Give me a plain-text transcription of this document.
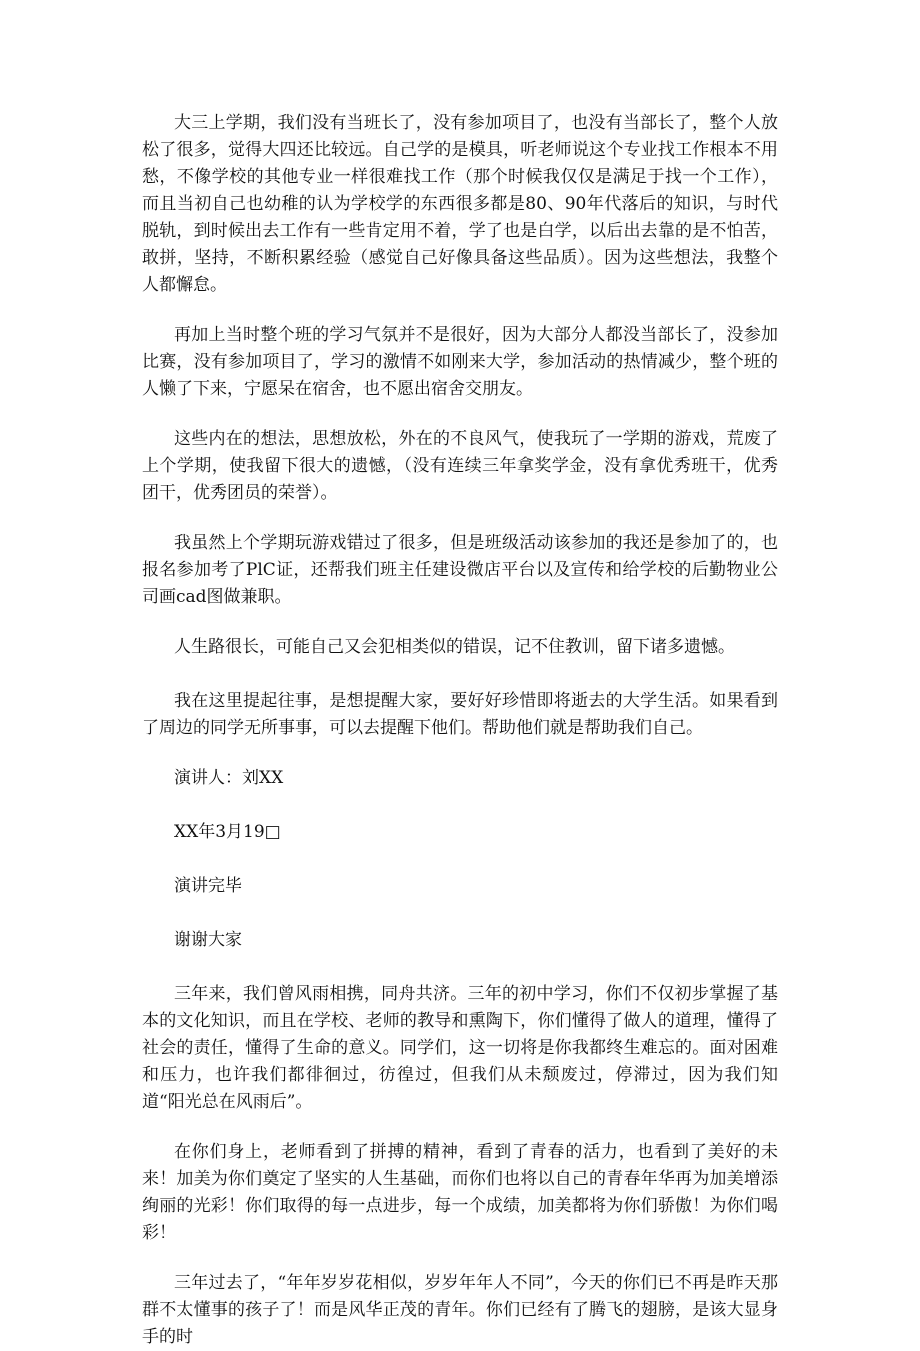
大三上学期，我们没有当班长了，没有参加项目了，也没有当部长了，整个人放松了很多，觉得大四还比较远。自己学的是模具，听老师说这个专业找工作根本不用愁，不像学校的其他专业一样很难找工作（那个时候我仅仅是满足于找一个工作），而且当初自己也幼稚的认为学校学的东西很多都是80、90年代落后的知识，与时代脱轨，到时候出去工作有一些肯定用不着，学了也是白学，以后出去靠的是不怕苦，敢拼，坚持，不断积累经验（感觉自己好像具备这些品质）。因为这些想法，我整个人都懈怠。

再加上当时整个班的学习气氛并不是很好，因为大部分人都没当部长了，没参加比赛，没有参加项目了，学习的激情不如刚来大学，参加活动的热情减少，整个班的人懒了下来，宁愿呆在宿舍，也不愿出宿舍交朋友。

这些内在的想法，思想放松，外在的不良风气，使我玩了一学期的游戏，荒废了上个学期，使我留下很大的遗憾，（没有连续三年拿奖学金，没有拿优秀班干，优秀团干，优秀团员的荣誉）。

我虽然上个学期玩游戏错过了很多，但是班级活动该参加的我还是参加了的，也报名参加考了PlC证，还帮我们班主任建设微店平台以及宣传和给学校的后勤物业公司画cad图做兼职。

人生路很长，可能自己又会犯相类似的错误，记不住教训，留下诸多遗憾。

我在这里提起往事，是想提醒大家，要好好珍惜即将逝去的大学生活。如果看到了周边的同学无所事事，可以去提醒下他们。帮助他们就是帮助我们自己。

演讲人：刘XX

XX年3月19□

演讲完毕

谢谢大家

三年来，我们曾风雨相携，同舟共济。三年的初中学习，你们不仅初步掌握了基本的文化知识，而且在学校、老师的教导和熏陶下，你们懂得了做人的道理，懂得了社会的责任，懂得了生命的意义。同学们，这一切将是你我都终生难忘的。面对困难和压力，也许我们都徘徊过，彷徨过，但我们从未颓废过，停滞过，因为我们知道“阳光总在风雨后”。

在你们身上，老师看到了拼搏的精神，看到了青春的活力，也看到了美好的未来！加美为你们奠定了坚实的人生基础，而你们也将以自己的青春年华再为加美增添绚丽的光彩！你们取得的每一点进步，每一个成绩，加美都将为你们骄傲！为你们喝彩！

三年过去了，“年年岁岁花相似，岁岁年年人不同”，今天的你们已不再是昨天那群不太懂事的孩子了！而是风华正茂的青年。你们已经有了腾飞的翅膀，是该大显身手的时
